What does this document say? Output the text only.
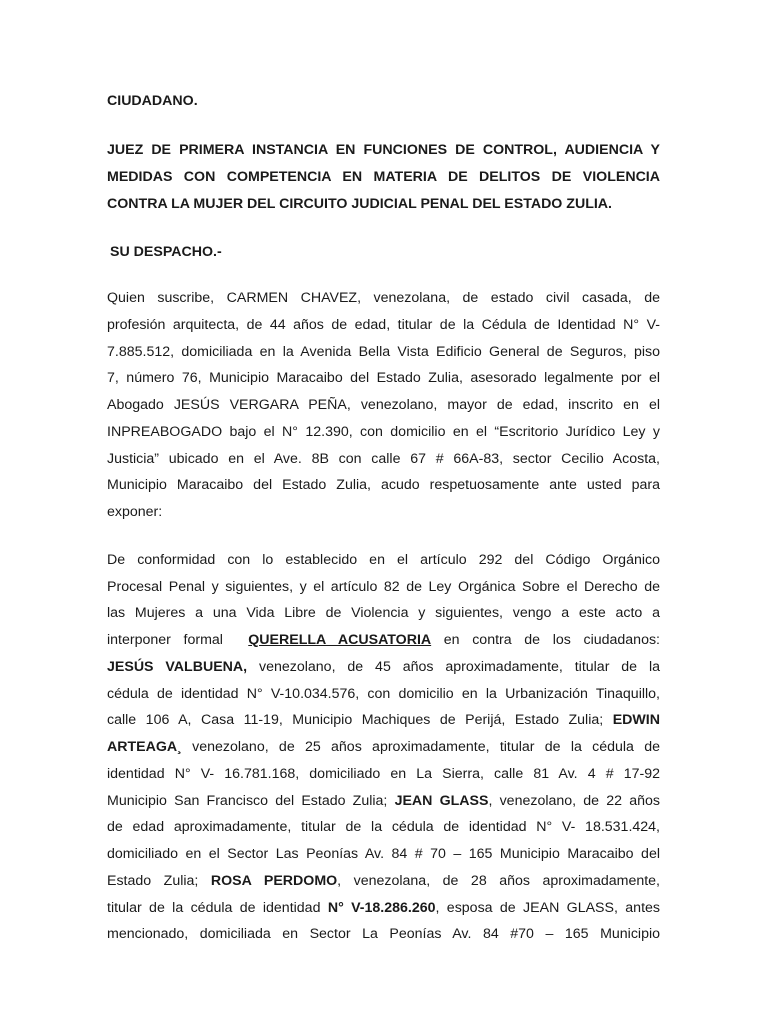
CIUDADANO.

JUEZ DE PRIMERA INSTANCIA EN FUNCIONES DE CONTROL, AUDIENCIA Y MEDIDAS CON COMPETENCIA EN MATERIA DE DELITOS DE VIOLENCIA CONTRA LA MUJER DEL CIRCUITO JUDICIAL PENAL DEL ESTADO ZULIA.

SU DESPACHO.-

Quien suscribe, CARMEN CHAVEZ, venezolana, de estado civil casada, de
profesión arquitecta, de 44 años de edad, titular de la Cédula de Identidad N° V-
7.885.512, domiciliada en la Avenida Bella Vista Edificio General de Seguros, piso
7, número 76, Municipio Maracaibo del Estado Zulia, asesorado legalmente por el
Abogado JESÚS VERGARA PEÑA, venezolano, mayor de edad, inscrito en el
INPREABOGADO bajo el N° 12.390, con domicilio en el “Escritorio Jurídico Ley y
Justicia” ubicado en el Ave. 8B con calle 67 # 66A-83, sector Cecilio Acosta,
Municipio Maracaibo del Estado Zulia, acudo respetuosamente ante usted para
exponer:
De conformidad con lo establecido en el artículo 292 del Código Orgánico
Procesal Penal y siguientes, y el artículo 82 de Ley Orgánica Sobre el Derecho de
las Mujeres a una Vida Libre de Violencia y siguientes, vengo a este acto a
interponer formal  QUERELLA ACUSATORIA en contra de los ciudadanos:
JESÚS VALBUENA, venezolano, de 45 años aproximadamente, titular de la
cédula de identidad N° V-10.034.576, con domicilio en la Urbanización Tinaquillo,
calle 106 A, Casa 11-19, Municipio Machiques de Perijá, Estado Zulia; EDWIN
ARTEAGA¸ venezolano, de 25 años aproximadamente, titular de la cédula de
identidad N° V- 16.781.168, domiciliado en La Sierra, calle 81 Av. 4 # 17-92
Municipio San Francisco del Estado Zulia; JEAN GLASS, venezolano, de 22 años
de edad aproximadamente, titular de la cédula de identidad N° V- 18.531.424,
domiciliado en el Sector Las Peonías Av. 84 # 70 – 165 Municipio Maracaibo del
Estado Zulia; ROSA PERDOMO, venezolana, de 28 años aproximadamente,
titular de la cédula de identidad N° V-18.286.260, esposa de JEAN GLASS, antes
mencionado, domiciliada en Sector La Peonías Av. 84 #70 – 165 Municipio
